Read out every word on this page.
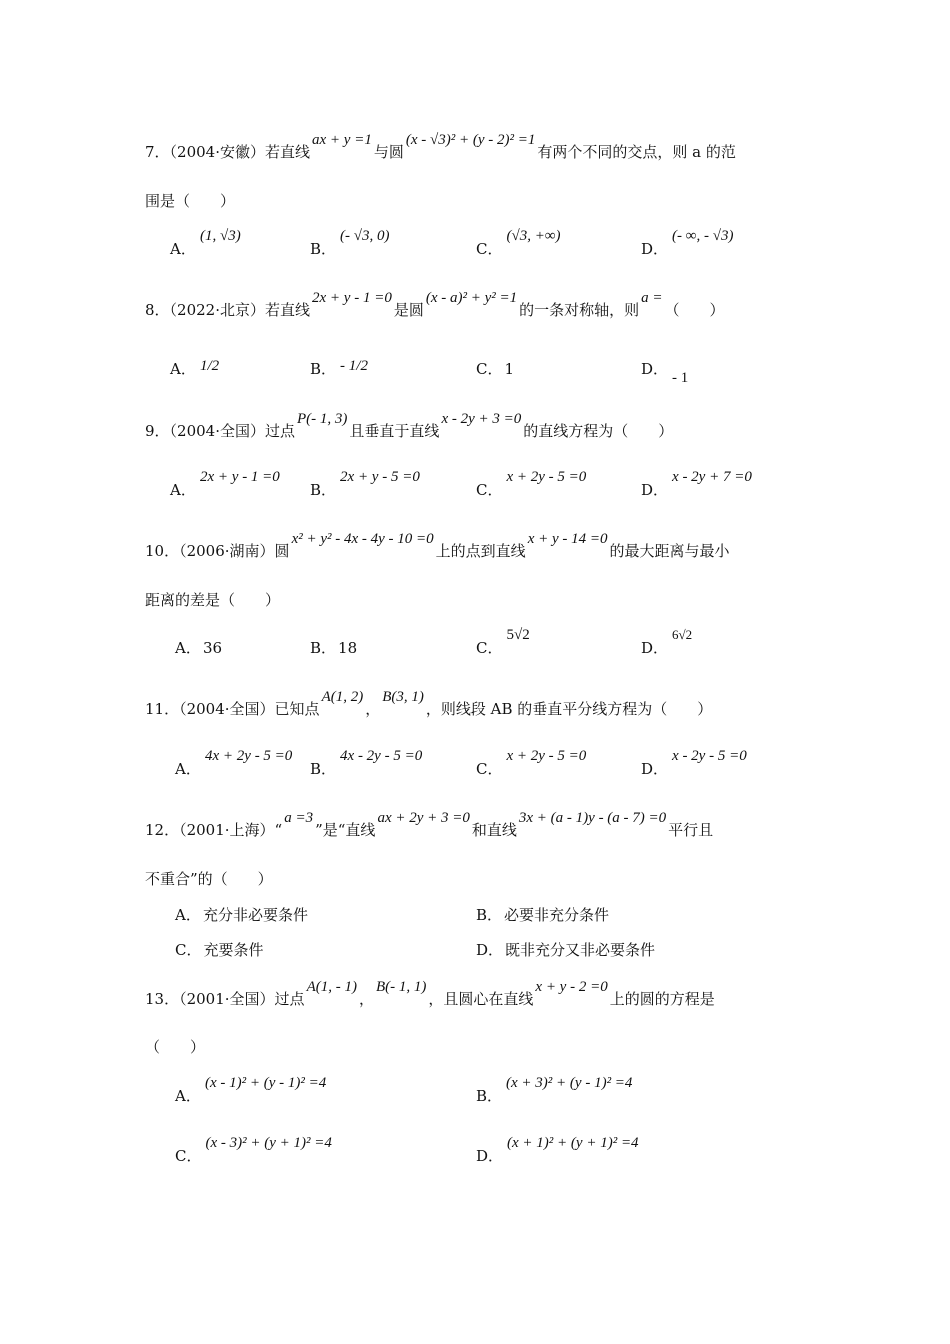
7．（2004·安徽）若直线ax + y =1与圆(x - √3)² + (y - 2)² =1有两个不同的交点，则 a 的范
围是（　　）
A．(1, √3)
B．(- √3, 0)
C．(√3, +∞)
D．(- ∞, - √3)
8．（2022·北京）若直线2x + y - 1 =0是圆(x - a)² + y² =1的一条对称轴，则a =（　　）
A． 1/2	B． - 1/2	C． 1	D． - 1
9．（2004·全国）过点P(- 1, 3)且垂直于直线x - 2y + 3 =0的直线方程为（　　）
A．2x + y - 1 =0
B．2x + y - 5 =0
C．x + 2y - 5 =0
D．x - 2y + 7 =0
10．（2006·湖南）圆x² + y² - 4x - 4y - 10 =0上的点到直线x + y - 14 =0的最大距离与最小
距离的差是（　　）
A． 36	B． 18	C．5√2
D．6√2
11．（2004·全国）已知点A(1, 2)，B(3, 1)，则线段 AB 的垂直平分线方程为（　　）
A．4x + 2y - 5 =0
B．4x - 2y - 5 =0
C．x + 2y - 5 =0
D．x - 2y - 5 =0
12．（2001·上海）“a =3”是“直线ax + 2y + 3 =0和直线3x + (a - 1)y - (a - 7) =0平行且
不重合”的（　　）
A． 充分非必要条件	B． 必要非充分条件
C． 充要条件	D． 既非充分又非必要条件
13．（2001·全国）过点A(1, - 1)，B(- 1, 1)，且圆心在直线x + y - 2 =0上的圆的方程是
（　　）
A．(x - 1)² + (y - 1)² =4
B．(x + 3)² + (y - 1)² =4
C．(x - 3)² + (y + 1)² =4
D．(x + 1)² + (y + 1)² =4
